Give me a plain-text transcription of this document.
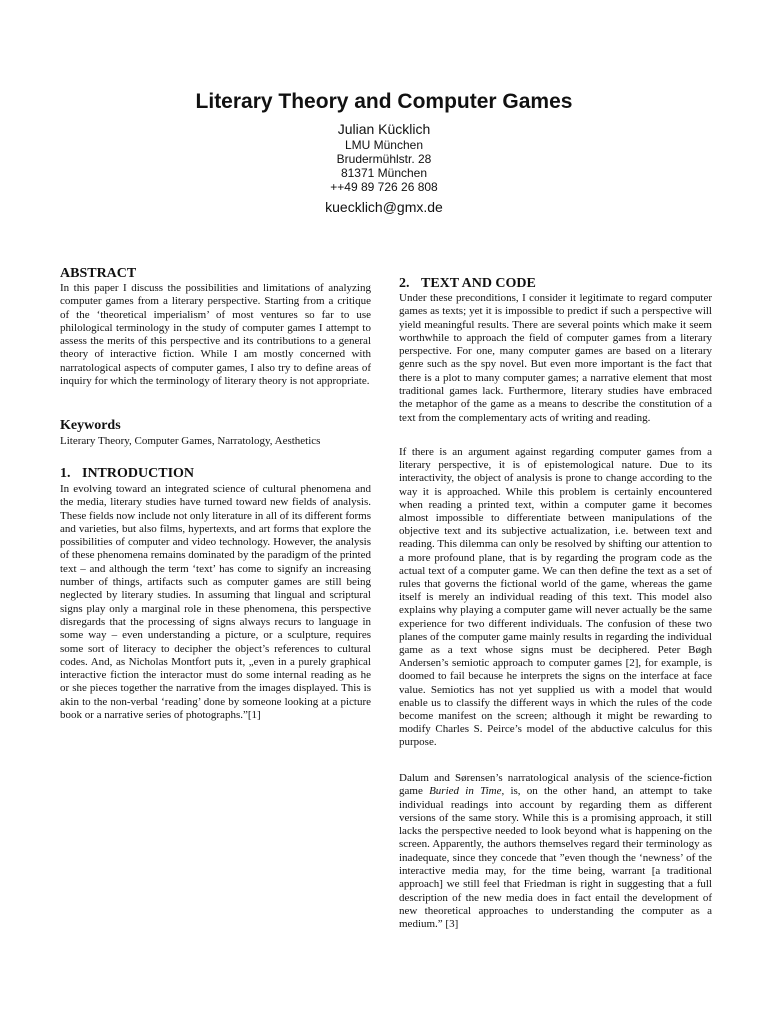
Literary Theory and Computer Games
Julian Kücklich
LMU München
Brudermühlstr. 28
81371 München
++49 89 726 26 808
kuecklich@gmx.de
ABSTRACT
In this paper I discuss the possibilities and limitations of analyzing computer games from a literary perspective. Starting from a critique of the ‘theoretical imperialism’ of most ventures so far to use philological terminology in the study of computer games I attempt to assess the merits of this perspective and its contributions to a general theory of interactive fiction. While I am mostly concerned with narratological aspects of computer games, I also try to define areas of inquiry for which the terminology of literary theory is not appropriate.
Keywords
Literary Theory, Computer Games, Narratology, Aesthetics
1. INTRODUCTION
In evolving toward an integrated science of cultural phenomena and the media, literary studies have turned toward new fields of analysis. These fields now include not only literature in all of its different forms and varieties, but also films, hypertexts, and art forms that explore the possibilities of computer and video technology. However, the analysis of these phenomena remains dominated by the paradigm of the printed text – and although the term ‘text’ has come to signify an increasing number of things, artifacts such as computer games are still being neglected by literary studies. In assuming that lingual and scriptural signs play only a marginal role in these phenomena, this perspective disregards that the processing of signs always recurs to language in some way – even understanding a picture, or a sculpture, requires some sort of literacy to decipher the object’s references to cultural codes. And, as Nicholas Montfort puts it, „even in a purely graphical interactive fiction the interactor must do some internal reading as he or she pieces together the narrative from the images displayed. This is akin to the non-verbal ‘reading’ done by someone looking at a picture book or a narrative series of photographs.”[1]
2. TEXT AND CODE
Under these preconditions, I consider it legitimate to regard computer games as texts; yet it is impossible to predict if such a perspective will yield meaningful results. There are several points which make it seem worthwhile to approach the field of computer games from a literary perspective. For one, many computer games are based on a literary genre such as the spy novel. But even more important is the fact that there is a plot to many computer games; a narrative element that most traditional games lack. Furthermore, literary studies have embraced the metaphor of the game as a means to describe the constitution of a text from the complementary acts of writing and reading.
If there is an argument against regarding computer games from a literary perspective, it is of epistemological nature. Due to its interactivity, the object of analysis is prone to change according to the way it is approached. While this problem is certainly encountered when reading a printed text, within a computer game it becomes almost impossible to differentiate between manipulations of the objective text and its subjective actualization, i.e. between text and reading. This dilemma can only be resolved by shifting our attention to a more profound plane, that is by regarding the program code as the actual text of a computer game. We can then define the text as a set of rules that governs the fictional world of the game, whereas the game itself is merely an individual reading of this text. This model also explains why playing a computer game will never actually be the same experience for two different individuals. The confusion of these two planes of the computer game mainly results in regarding the individual game as a text whose signs must be deciphered. Peter Bøgh Andersen’s semiotic approach to computer games [2], for example, is doomed to fail because he interprets the signs on the interface at face value. Semiotics has not yet supplied us with a model that would enable us to classify the different ways in which the rules of the code become manifest on the screen; although it might be rewarding to modify Charles S. Peirce’s model of the abductive calculus for this purpose.
Dalum and Sørensen’s narratological analysis of the science-fiction game Buried in Time, is, on the other hand, an attempt to take individual readings into account by regarding them as different versions of the same story. While this is a promising approach, it still lacks the perspective needed to look beyond what is happening on the screen. Apparently, the authors themselves regard their terminology as inadequate, since they concede that ”even though the ‘newness’ of the interactive media may, for the time being, warrant [a traditional approach] we still feel that Friedman is right in suggesting that a full description of the new media does in fact entail the development of new theoretical approaches to understanding the computer as a medium.” [3]
